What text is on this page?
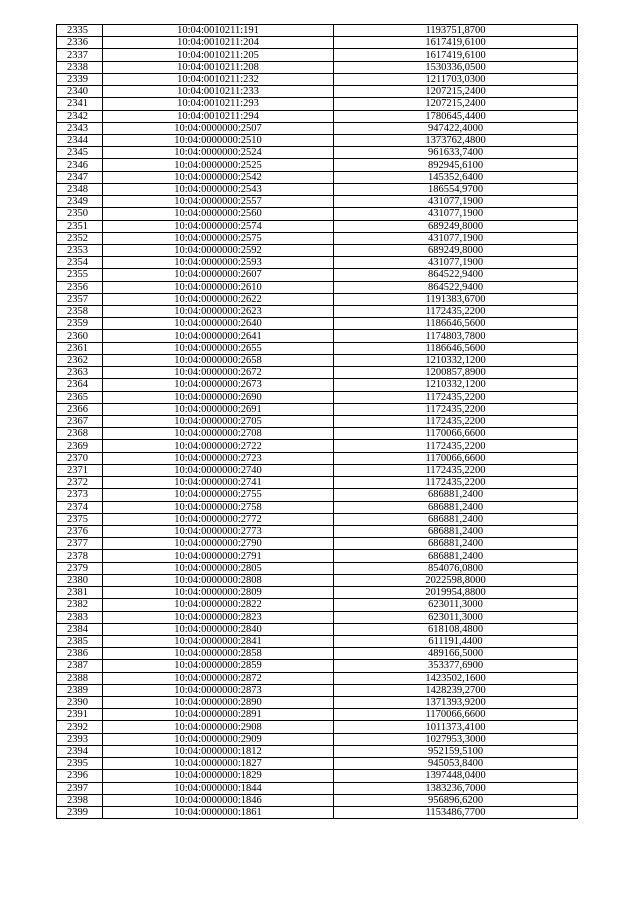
2335	10:04:0010211:191	1193751,8700
2336	10:04:0010211:204	1617419,6100
2337	10:04:0010211:205	1617419,6100
2338	10:04:0010211:208	1530336,0500
2339	10:04:0010211:232	1211703,0300
2340	10:04:0010211:233	1207215,2400
2341	10:04:0010211:293	1207215,2400
2342	10:04:0010211:294	1780645,4400
2343	10:04:0000000:2507	947422,4000
2344	10:04:0000000:2510	1373762,4800
2345	10:04:0000000:2524	961633,7400
2346	10:04:0000000:2525	892945,6100
2347	10:04:0000000:2542	145352,6400
2348	10:04:0000000:2543	186554,9700
2349	10:04:0000000:2557	431077,1900
2350	10:04:0000000:2560	431077,1900
2351	10:04:0000000:2574	689249,8000
2352	10:04:0000000:2575	431077,1900
2353	10:04:0000000:2592	689249,8000
2354	10:04:0000000:2593	431077,1900
2355	10:04:0000000:2607	864522,9400
2356	10:04:0000000:2610	864522,9400
2357	10:04:0000000:2622	1191383,6700
2358	10:04:0000000:2623	1172435,2200
2359	10:04:0000000:2640	1186646,5600
2360	10:04:0000000:2641	1174803,7800
2361	10:04:0000000:2655	1186646,5600
2362	10:04:0000000:2658	1210332,1200
2363	10:04:0000000:2672	1200857,8900
2364	10:04:0000000:2673	1210332,1200
2365	10:04:0000000:2690	1172435,2200
2366	10:04:0000000:2691	1172435,2200
2367	10:04:0000000:2705	1172435,2200
2368	10:04:0000000:2708	1170066,6600
2369	10:04:0000000:2722	1172435,2200
2370	10:04:0000000:2723	1170066,6600
2371	10:04:0000000:2740	1172435,2200
2372	10:04:0000000:2741	1172435,2200
2373	10:04:0000000:2755	686881,2400
2374	10:04:0000000:2758	686881,2400
2375	10:04:0000000:2772	686881,2400
2376	10:04:0000000:2773	686881,2400
2377	10:04:0000000:2790	686881,2400
2378	10:04:0000000:2791	686881,2400
2379	10:04:0000000:2805	854076,0800
2380	10:04:0000000:2808	2022598,8000
2381	10:04:0000000:2809	2019954,8800
2382	10:04:0000000:2822	623011,3000
2383	10:04:0000000:2823	623011,3000
2384	10:04:0000000:2840	618108,4800
2385	10:04:0000000:2841	611191,4400
2386	10:04:0000000:2858	489166,5000
2387	10:04:0000000:2859	353377,6900
2388	10:04:0000000:2872	1423502,1600
2389	10:04:0000000:2873	1428239,2700
2390	10:04:0000000:2890	1371393,9200
2391	10:04:0000000:2891	1170066,6600
2392	10:04:0000000:2908	1011373,4100
2393	10:04:0000000:2909	1027953,3000
2394	10:04:0000000:1812	952159,5100
2395	10:04:0000000:1827	945053,8400
2396	10:04:0000000:1829	1397448,0400
2397	10:04:0000000:1844	1383236,7000
2398	10:04:0000000:1846	956896,6200
2399	10:04:0000000:1861	1153486,7700
